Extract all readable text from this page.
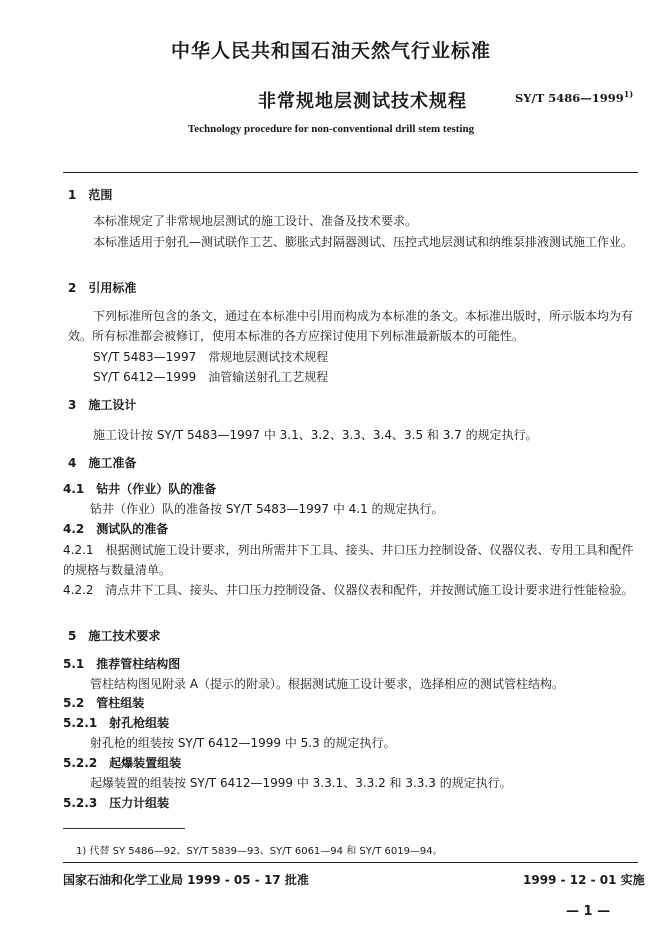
中华人民共和国石油天然气行业标准
非常规地层测试技术规程	SY/T 5486—1999$^{1)}$
Technology procedure for non-conventional drill stem testing
1　范围
本标准规定了非常规地层测试的施工设计、准备及技术要求。
本标准适用于射孔—测试联作工艺、膨胀式封隔器测试、压控式地层测试和纳维泵排液测试施工作业。
2　引用标准
下列标准所包含的条文，通过在本标准中引用而构成为本标准的条文。本标准出版时，所示版本均为有效。所有标准都会被修订，使用本标准的各方应探讨使用下列标准最新版本的可能性。
SY/T 5483—1997　常规地层测试技术规程
SY/T 6412—1999　油管输送射孔工艺规程
3　施工设计
施工设计按 SY/T 5483—1997 中 3.1、3.2、3.3、3.4、3.5 和 3.7 的规定执行。
4　施工准备
4.1　钻井（作业）队的准备
钻井（作业）队的准备按 SY/T 5483—1997 中 4.1 的规定执行。
4.2　测试队的准备
4.2.1　根据测试施工设计要求，列出所需井下工具、接头、井口压力控制设备、仪器仪表、专用工具和配件的规格与数量清单。
4.2.2　清点井下工具、接头、井口压力控制设备、仪器仪表和配件，并按测试施工设计要求进行性能检验。
5　施工技术要求
5.1　推荐管柱结构图
管柱结构图见附录 A（提示的附录）。根据测试施工设计要求，选择相应的测试管柱结构。
5.2　管柱组装
5.2.1　射孔枪组装
射孔枪的组装按 SY/T 6412—1999 中 5.3 的规定执行。
5.2.2　起爆装置组装
起爆装置的组装按 SY/T 6412—1999 中 3.3.1、3.3.2 和 3.3.3 的规定执行。
5.2.3　压力计组装
1) 代替 SY 5486—92、SY/T 5839—93、SY/T 6061—94 和 SY/T 6019—94。
国家石油和化学工业局 1999 - 05 - 17 批准	1999 - 12 - 01 实施
— 1 —
